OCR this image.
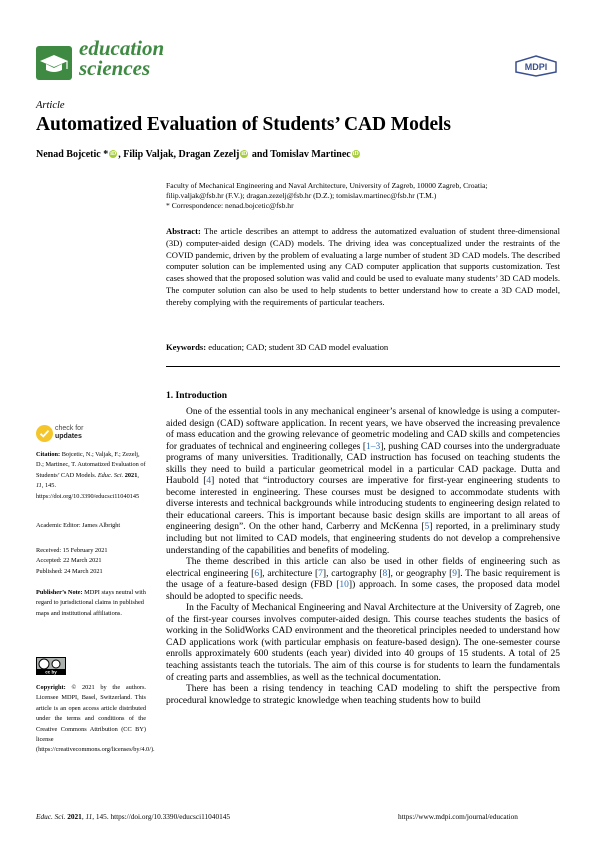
education
sciences	MDPI
Article
Automatized Evaluation of Students’ CAD Models
Nenad Bojcetic * iD , Filip Valjak, Dragan Zezelj iD and Tomislav Martinec iD

Faculty of Mechanical Engineering and Naval Architecture, University of Zagreb, 10000 Zagreb, Croatia;

filip.valjak@fsb.hr (F.V.); dragan.zezelj@fsb.hr (D.Z.); tomislav.martinec@fsb.hr (T.M.)

* Correspondence: nenad.bojcetic@fsb.hr

Abstract: The article describes an attempt to address the automatized evaluation of student three-dimensional (3D) computer-aided design (CAD) models. The driving idea was conceptualized under the restraints of the COVID pandemic, driven by the problem of evaluating a large number of student 3D CAD models. The described computer solution can be implemented using any CAD computer application that supports customization. Test cases showed that the proposed solution was valid and could be used to evaluate many students’ 3D CAD models. The computer solution can also be used to help students to better understand how to create a 3D CAD model, thereby complying with the requirements of particular teachers.
Keywords: education; CAD; student 3D CAD model evaluation
1. Introduction

One of the essential tools in any mechanical engineer’s arsenal of knowledge is using a computer-aided design (CAD) software application. In recent years, we have observed the increasing prevalence of mass education and the growing relevance of geometric modeling and CAD skills and competencies for graduates of technical and engineering colleges [1–3], pushing CAD courses into the undergraduate programs of many universities. Traditionally, CAD instruction has focused on teaching students the skills they need to build a particular geometrical model in a particular CAD package. Dutta and Haubold [4] noted that “introductory courses are imperative for first-year engineering students to become interested in engineering. These courses must be designed to accommodate students with diverse interests and technical backgrounds while introducing students to engineering design related to their educational careers. This is important because basic design skills are important to all areas of engineering design”. On the other hand, Carberry and McKenna [5] reported, in a preliminary study including but not limited to CAD models, that engineering students do not develop a comprehensive understanding of the capabilities and benefits of modeling.

The theme described in this article can also be used in other fields of engineering such as electrical engineering [6], architecture [7], cartography [8], or geography [9]. The basic requirement is the usage of a feature-based design (FBD [10]) approach. In some cases, the proposed data model should be adopted to specific needs.

In the Faculty of Mechanical Engineering and Naval Architecture at the University of Zagreb, one of the first-year courses involves computer-aided design. This course teaches students the basics of working in the SolidWorks CAD environment and the theoretical principles needed to understand how CAD applications work (with particular emphasis on feature-based design). The one-semester course enrolls approximately 600 students (each year) divided into 40 groups of 15 students. A total of 25 teaching assistants teach the tutorials. The aim of this course is for students to learn the fundamentals of creating parts and assemblies, as well as the technical documentation.

There has been a rising tendency in teaching CAD modeling to shift the perspective from procedural knowledge to strategic knowledge when teaching students how to build

check for
updates

Citation: Bojcetic, N.; Valjak, F.; Zezelj, D.; Martinec, T. Automatized Evaluation of Students’ CAD Models. Educ. Sci. 2021, 11, 145. https://doi.org/10.3390/educsci11040145

Academic Editor: James Albright

Received: 15 February 2021

Accepted: 22 March 2021

Published: 24 March 2021

Publisher’s Note: MDPI stays neutral with regard to jurisdictional claims in published maps and institutional affiliations.

cc by

Copyright: © 2021 by the authors. Licensee MDPI, Basel, Switzerland. This article is an open access article distributed under the terms and conditions of the Creative Commons Attribution (CC BY) license (https://creativecommons.org/licenses/by/4.0/).

Educ. Sci. 2021, 11, 145. https://doi.org/10.3390/educsci11040145	https://www.mdpi.com/journal/education
